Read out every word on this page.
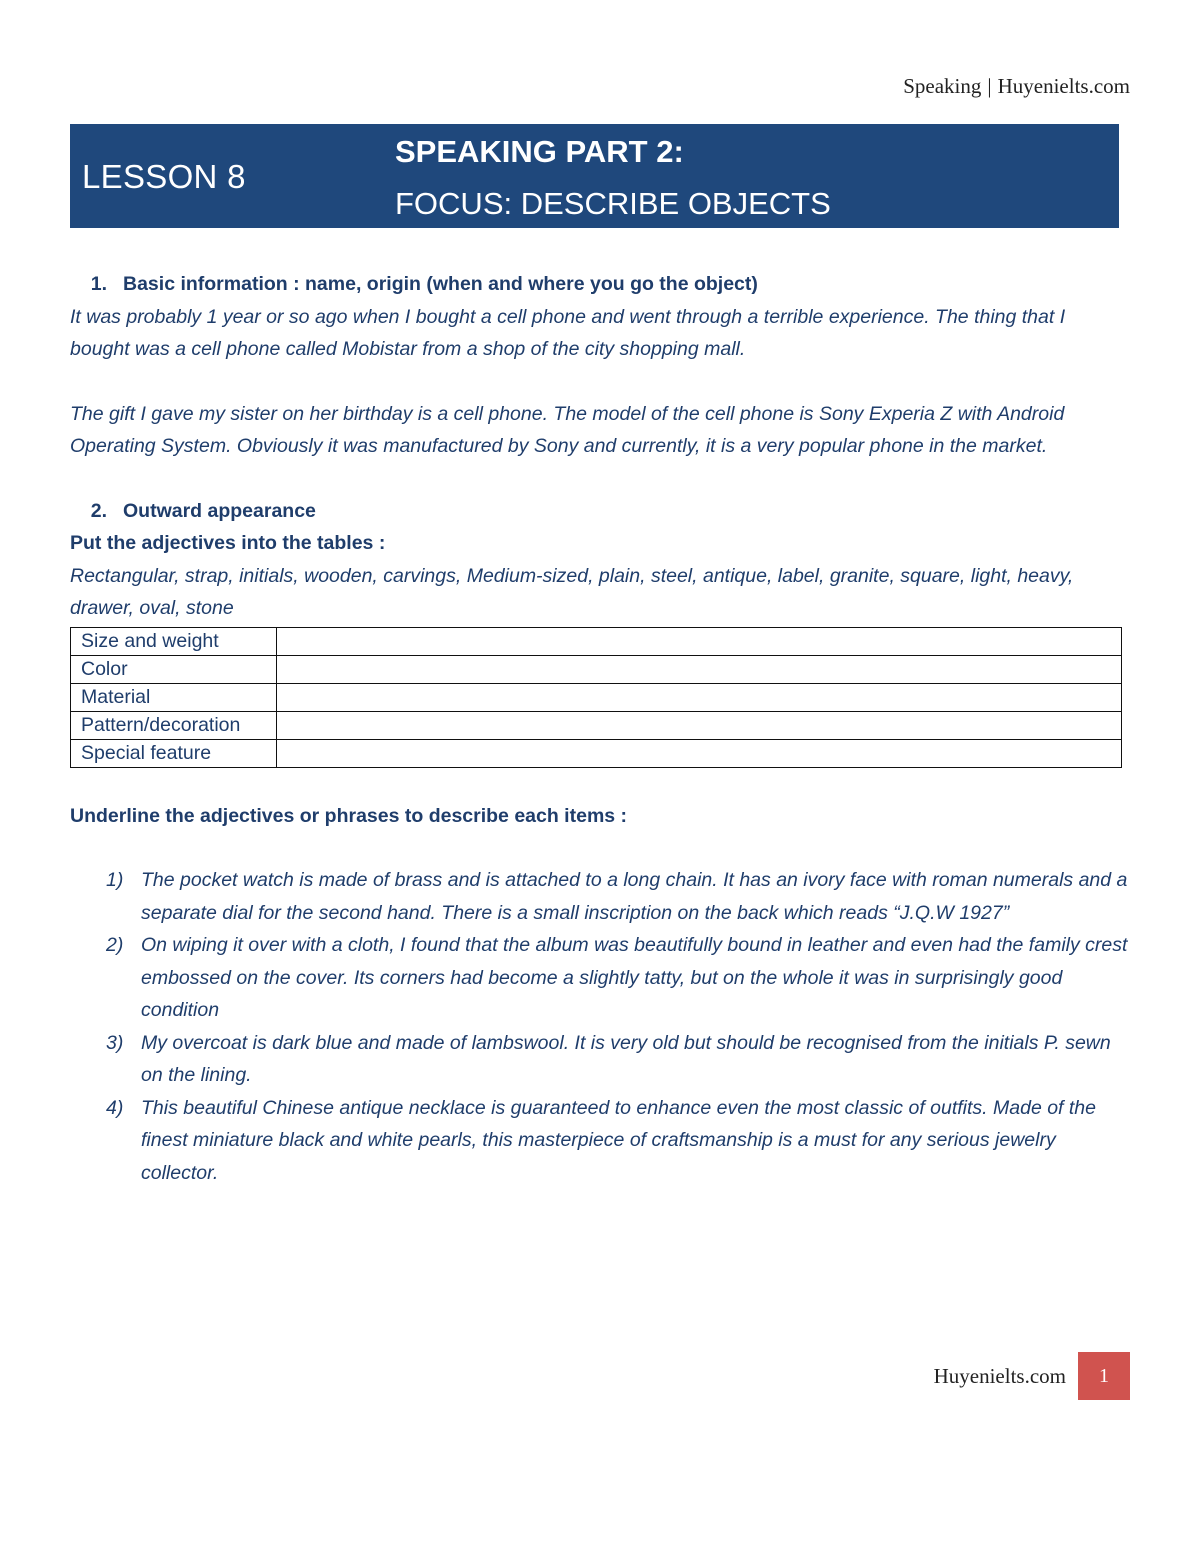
Speaking | Huyenielts.com
LESSON 8
SPEAKING PART 2:
FOCUS: DESCRIBE OBJECTS

1. Basic information : name, origin (when and where you go the object)

It was probably 1 year or so ago when I bought a cell phone and went through a terrible experience. The thing that I bought was a cell phone called Mobistar from a shop of the city shopping mall.

The gift I gave my sister on her birthday is a cell phone. The model of the cell phone is Sony Experia Z with Android Operating System. Obviously it was manufactured by Sony and currently, it is a very popular phone in the market.

2. Outward appearance

Put the adjectives into the tables :

Rectangular, strap, initials, wooden, carvings, Medium-sized, plain, steel, antique, label, granite, square, light, heavy, drawer, oval, stone

Size and weight	
Color	
Material	
Pattern/decoration	
Special feature	

Underline the adjectives or phrases to describe each items :

1) The pocket watch is made of brass and is attached to a long chain. It has an ivory face with roman numerals and a separate dial for the second hand. There is a small inscription on the back which reads “J.Q.W 1927”
2) On wiping it over with a cloth, I found that the album was beautifully bound in leather and even had the family crest embossed on the cover. Its corners had become a slightly tatty, but on the whole it was in surprisingly good condition
3) My overcoat is dark blue and made of lambswool. It is very old but should be recognised from the initials P. sewn on the lining.
4) This beautiful Chinese antique necklace is guaranteed to enhance even the most classic of outfits. Made of the finest miniature black and white pearls, this masterpiece of craftsmanship is a must for any serious jewelry collector.
Huyenielts.com	1
